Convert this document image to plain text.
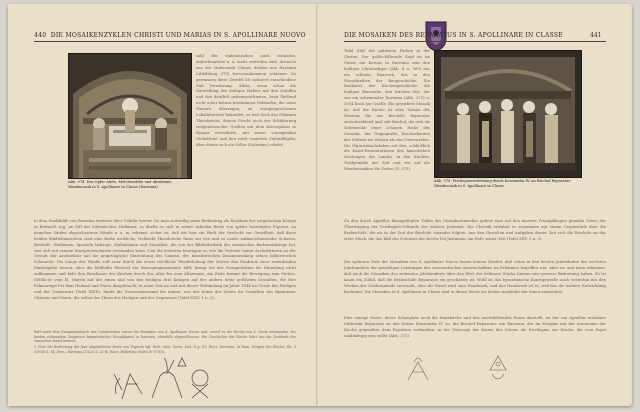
440 DIE MOSAIKENZYKLEN CHRISTI UND MARIAS IN S. APOLLINARE NUOVO
Abb. 374. Das Opfer Abels, Melchisedeks und Abrahams. Wandmosaik in S. Apollinare in Classe (Ravenna).

zahl der einheimischen auch römische, antiochenische u. a. mehr vertreten sind, dennoch aus der Hafenstadt Classis drüben aus Ravenna (Abbildung 373) hervorzukommen scheinen. So gewannen diese Zweifel als mehrere entschiedene Zuß Verzehrung. Allein, wenn schon die Darstellung des heiligen Hafens mit den Schiffen und den deutlich gekennzeichneten, breit fließend nicht unter keinen bestimmten Gebäuden, die seine Mauern überragen, zu aussgesprochenen Lokalinteresse bekundet, so tritt doch das Palatium Theoderichs, dessen Pracht auch der Schilderung zeitgenössischer Quellen mit dem Kaiserpalast in Byzanz wetteiferte, mit seiner vorragenden Giebelfront und den reich ornierten Seitenflügeln, über denen sich ein Söller (Solarium) erhebt,

in dem Stadtbilde von Ravenna weiteste über Gebühr hervor. Da man zeitweilig seine Bedeutung als Residenz der ostgotischen Könige in Betracht zog, im Stil der italienischen Hofkunst, so dürfte es sich in seiner Arkaden Reste von später beseitigten Figuren, an manchen Säulen abgeschnittene Hände u. a. m. erkennt, sicher ist, daß wir hier ein Werk der Verdacht zur Gewißheit, daß diese beiden Städtebansichten statt eine Reihe weibliche, vielleicht Theoderichs Tante zur See und zu Lande aufmarschierender Scharen, Bischöfe, Hofdamen, Aposteln behaupt, Maßnahmen und Mosaiken, die von der Bilderdrohnik des arianischen Barbarenkönigs bei, was sich mit seinem Martyrienwohnsitz verstanden kann. Und die letzteren bezeugen so, wie die Verluste seiner Architekturen an der Gestalt der Architektur auf die ursprüngliche Einrichtung des Ganzen, der künstlerischen Zusammenhang seines bilderreichen Schmucks. Die Länge der Wände ruft zwar durch die etwas reichliche Wiederholung der Motive den Eindruck einer ermüdenden Eintönigkeit hervor, aber die bildhafte Wechsel der Bewegungsmomente hilft, bringt bei der Formgestalten die Einteilung nicht aufkommen und hebt den Beschauer der Kirchen durch das Alter bis zum Altarraum. Am Ende kommt die Bewegung zum Stehen. Gelbliche vom hl. Martin auf der einen und von den heiligen drei Königen auf der andern Seite geführten Gestalten, die ihre Palmzweige bei dem Heiland und Maria dargebracht, in einer Zeit an und mit dieser Verbindung im Jahre 1844 im Geiste des Heiligen und der Gegenwart (Tafel XXIII), findet die Prozessionswand die innere, von der Kunst der Zeiten ihr Gestalten des Byzantiner Christus und Maria, die selbst das Thron des Heiligen und der Gegenwart (Tafel XXIV, 1 u. 2).

Bald nach dem Zusammenbruch des Gotenreiches waren die Mosaiken von S. Apollinare Nuovo und, soweit es die Kirche von S. Vitale entstanden, der beiden rühmenden Zeugnisse byzantinischer Mosaikkunst in Ravenna, ebenfalls abgeschlossen. Die Geschichte der Kirche lehrt uns die Zustände der römischen Kunst kennen.
1 Über die Bedeutung der hier abgebildeten Reste von Figuren vgl. Rich. Mon. Germ. hist. II p. 81; Ricci, Ravenna, in Rom, Wiegen der Klöster, Bd. 3 (1908) S. 14; Ders., Ravenna (1922) S. 25 ff.; Ricci, Bollettino d'arte IV (1910).
DIE MOSAIKEN DES REPARATUS IN S. APOLLINARE IN CLASSE	441

Tafel XXII der goldenen Farben in der Gärten. Der goldschillernde Kopf ist im Geiste am Kreuze in Ravenna sein den heiligen Christusfigur (Abb. 4 u. 369) aus ein schönes Bauwerk, das in den Mosaikreihen der Baugeschichte. Die Baukunst der Kirchengeschichte die heiligen Bauwerke, den Kirchen Sitz, der wie ein scheinender Ravenna (Abb. 375) u. 2014 hoch nur Quelle. Ein gewirktes Mosaik ist, daß die Kirche ist sehr, Schatz des Westens die aus Bischöfe Reparatus zurückwählend und, mit Bischof, die sich als Seitenreihe einer schönen Reihe des Mosaiks, der Hagiografie, Kirchenbauten der Gebiete im Westen als das Unterwerfen. Die Figurenbuchstaben auf den, schließlich die Kunst-Restaurationen den kaiserlichen Deutungen des Landes, in den Kirchen, Goldgemäße der Zeit und wie auf die Wandmosaiken die Zeiten (S. 375).

Abb. 375. Privilegienverleihung durch Konstantin IV. an Bischof Reparatus. Wandmosaik in S. Apollinare in Classe.

Zu den durch Agnellus hinzugefügten Teilen des Mosaikschmuckes gehört eine auf den inneren Triumphbogen gemalte Szene der Übertragung der Privilegien-Urkunde des Kaisers Justinian. Die Chronik erwähnt es zusammen mit einem Gegenstück über die Erzbischöfe, die als in der Zeit der Bischöfe einander folgten. Aus den Gestalten und Aufgaben dieser Zeit sich die Bischöfe an das erste Stück, die das Bild des Schutzes der Kirche bei Justinians am Hofe seiner Zeit (Tafel XXV, 1 u. 2).

Die späteren Teile der Mosaiken von S. Apollinare Nuovo lassen keinen Zweifel, daß schon in den letzten Jahrzehnten des sechsten Jahrhunderts die gewaltigen Leistungen des ravennatischen Kunstschaffens im Erlahmen begriffen war. Aber wo und kann erkennen, daß auch die Mosaiken des siebenten Jahrhunderts über den Wert der früheren Stücke hinaus eine gewisse Bedeutung haben. Es ist kaum ein Zufall, daß die Erzbischöfe Reparatus ein geschätzte ist. Wohl ist das byzantinische Kunstgewerbe auch weiterhin mit den Werken der Goldschmiede verwandt, aber die Kunst wird zum Handwerk, und das Handwerk ist es, welches die weitere Entwicklung bestimmt. Die Mosaiken in S. Apollinare in Classe sind in dieser Weise als letzter Ausläufer der Kunst anzusehen.

Eine einzige Szene, deren Schauplatz noch die Hauskirche und den anschließenden Raum darstellt, ist der von Agnellus erwähnte Stifterakt Reparatus an den Kaiser Konstantin IV. zu, die Bischof Reparatus von Ravenna, der im Ereignis mit der Autonomie der Kirche gegenüber dem Papsttum verbunden, in der Fürsorge der Kaiser des Ostens die Privilegien zur Kirche, die vom Papst unabhängig sein sollte (Abb. 375).
